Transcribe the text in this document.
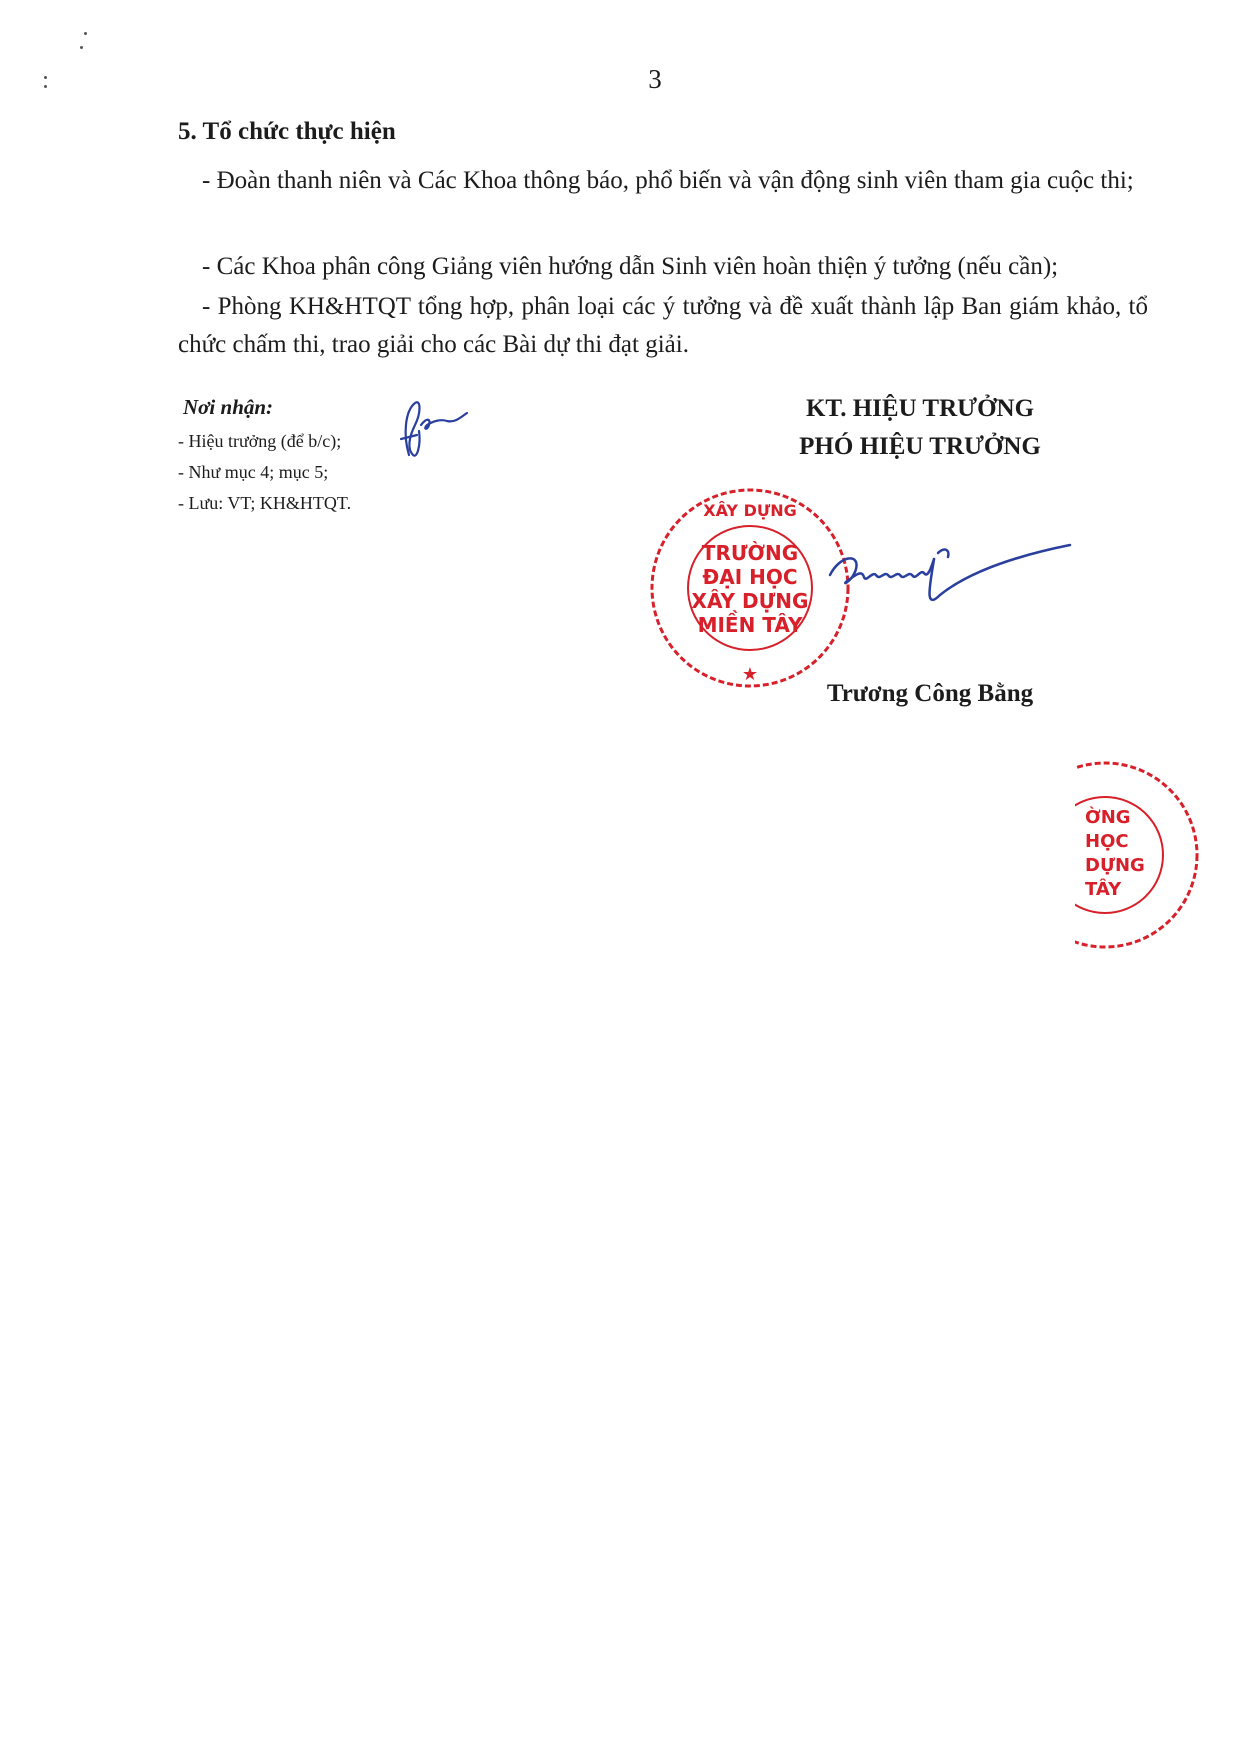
3
5. Tổ chức thực hiện
- Đoàn thanh niên và Các Khoa thông báo, phổ biến và vận động sinh viên tham gia cuộc thi;
- Các Khoa phân công Giảng viên hướng dẫn Sinh viên hoàn thiện ý tưởng (nếu cần);
- Phòng KH&HTQT tổng hợp, phân loại các ý tưởng và đề xuất thành lập Ban giám khảo, tổ chức chấm thi, trao giải cho các Bài dự thi đạt giải.
Nơi nhận:
- Hiệu trưởng (để b/c);
- Như mục 4; mục 5;
- Lưu: VT; KH&HTQT.
KT. HIỆU TRƯỞNG
PHÓ HIỆU TRƯỞNG
TRƯỜNG
ĐẠI HỌC
XÂY DỰNG
MIỀN TÂY
XÂY DỰNG
★
Trương Công Bằng
ỜNG
HỌC
DỰNG
TÂY
